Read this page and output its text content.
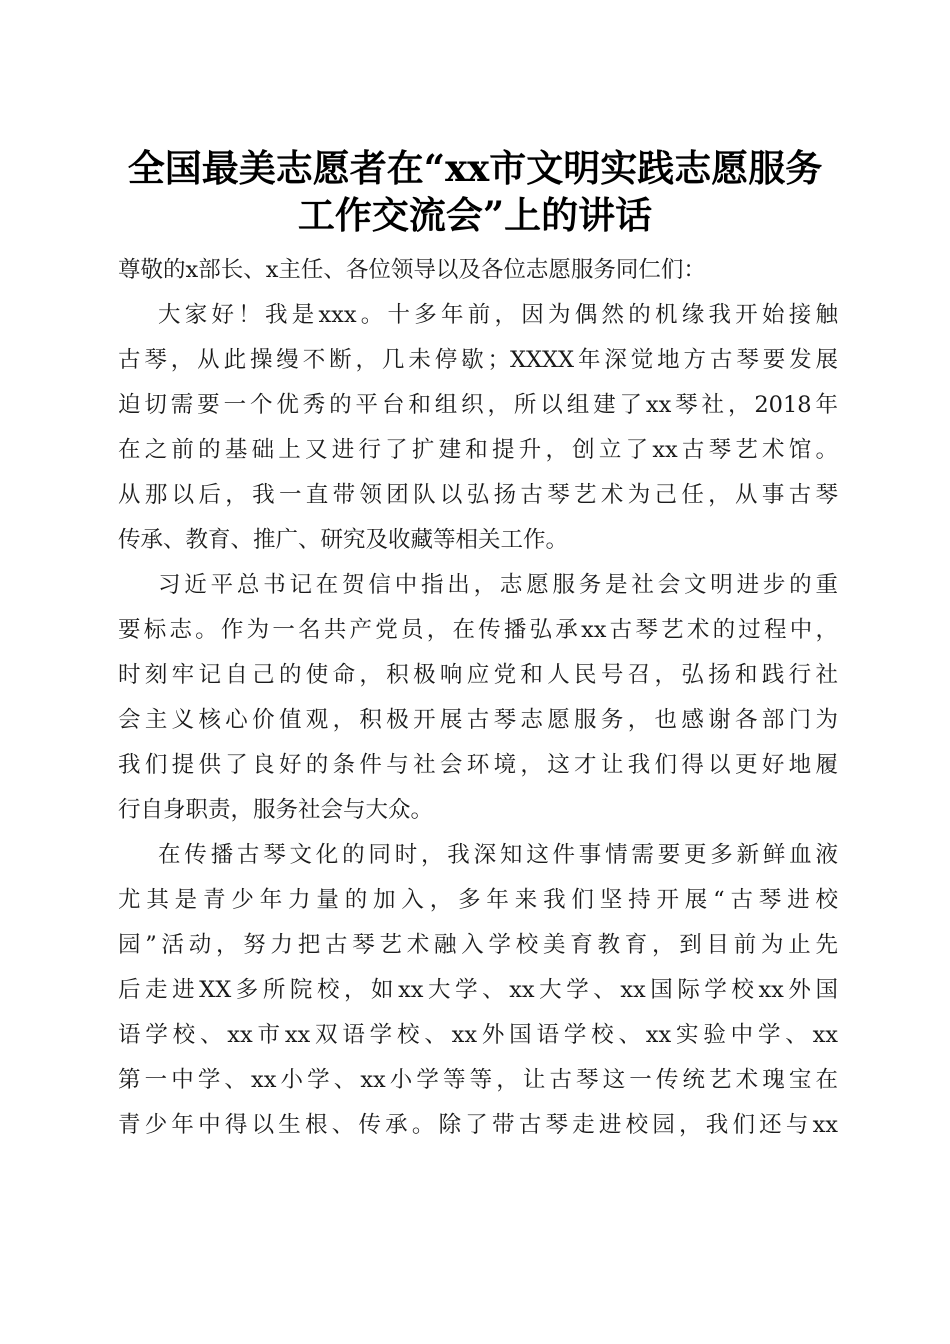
全国最美志愿者在“xx市文明实践志愿服务
工作交流会”上的讲话
尊敬的x部长、x主任、各位领导以及各位志愿服务同仁们：
大家好！我是xxx。十多年前，因为偶然的机缘我开始接触
古琴，从此操缦不断，几未停歇；XXXX年深觉地方古琴要发展
迫切需要一个优秀的平台和组织，所以组建了xx琴社，2018年
在之前的基础上又进行了扩建和提升，创立了xx古琴艺术馆。
从那以后，我一直带领团队以弘扬古琴艺术为己任，从事古琴
传承、教育、推广、研究及收藏等相关工作。
习近平总书记在贺信中指出，志愿服务是社会文明进步的重
要标志。作为一名共产党员，在传播弘承xx古琴艺术的过程中，
时刻牢记自己的使命，积极响应党和人民号召，弘扬和践行社
会主义核心价值观，积极开展古琴志愿服务，也感谢各部门为
我们提供了良好的条件与社会环境，这才让我们得以更好地履
行自身职责，服务社会与大众。
在传播古琴文化的同时，我深知这件事情需要更多新鲜血液
尤其是青少年力量的加入，多年来我们坚持开展“古琴进校
园”活动，努力把古琴艺术融入学校美育教育，到目前为止先
后走进XX多所院校，如xx大学、xx大学、xx国际学校xx外国
语学校、xx市xx双语学校、xx外国语学校、xx实验中学、xx
第一中学、xx小学、xx小学等等，让古琴这一传统艺术瑰宝在
青少年中得以生根、传承。除了带古琴走进校园，我们还与xx
